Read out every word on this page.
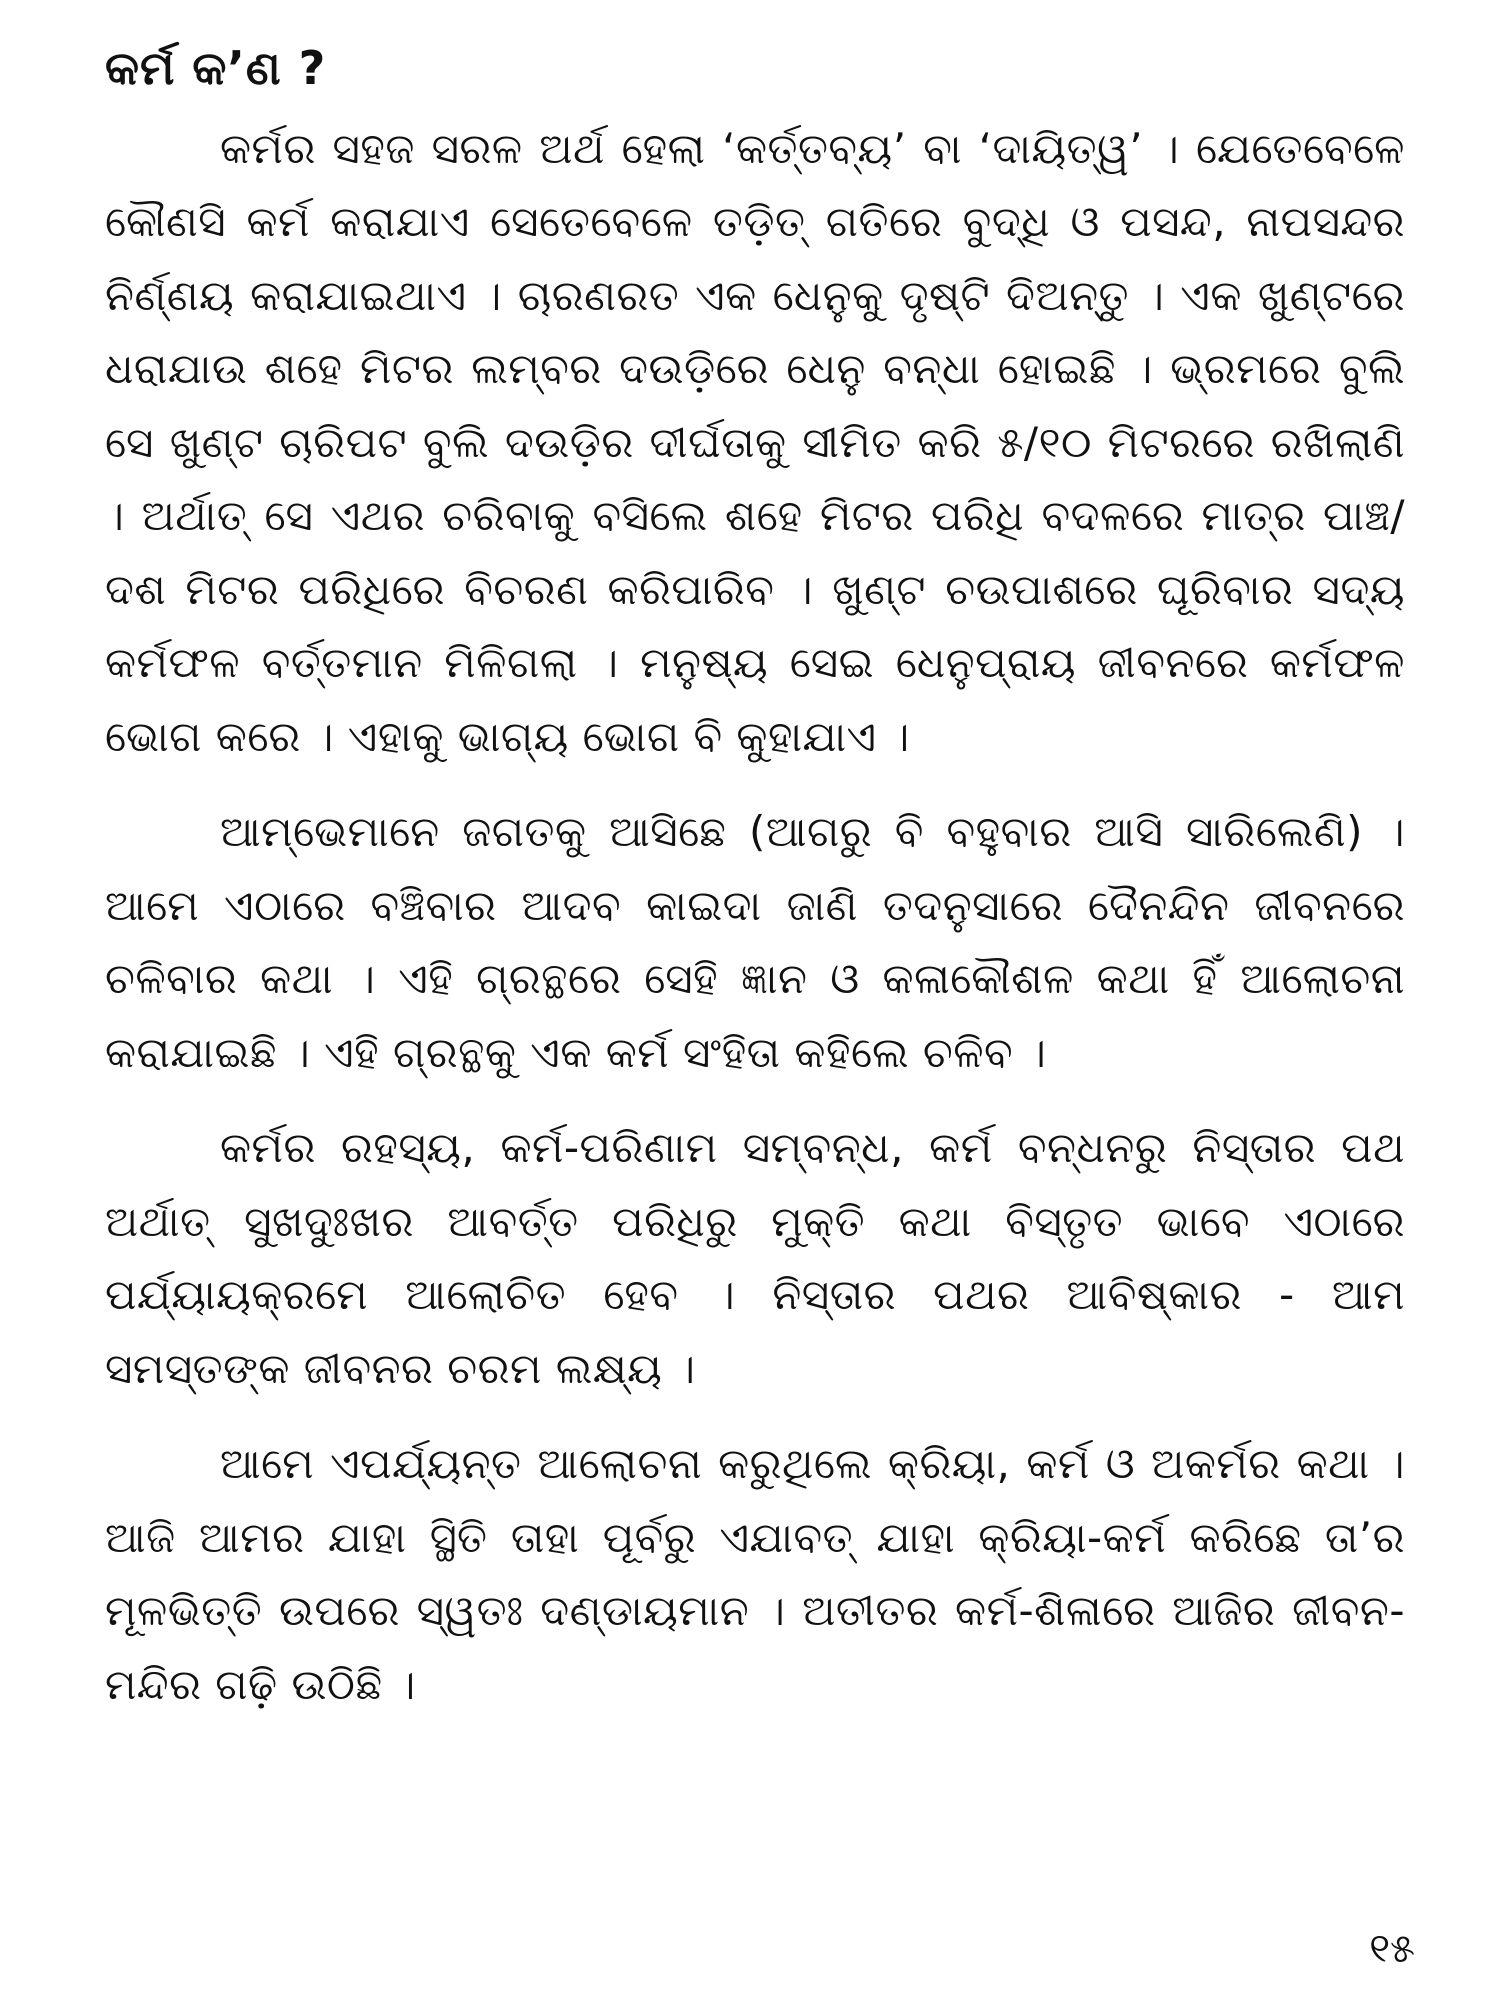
କର୍ମ କ’ଣ ?

କର୍ମର ସହଜ ସରଳ ଅର୍ଥ ହେଲା ‘କର୍ତ୍ତବ୍ୟ’ ବା ‘ଦାୟିତ୍ୱ’ । ଯେତେବେଳେ କୌଣସି କର୍ମ କରାଯାଏ ସେତେବେଳେ ତଡ଼ିତ୍ ଗତିରେ ବୁଦ୍ଧି ଓ ପସନ୍ଦ, ନାପସନ୍ଦର ନିର୍ଣ୍ଣୟ କରାଯାଇଥାଏ । ଚାରଣରତ ଏକ ଧେନୁକୁ ଦୃଷ୍ଟି ଦିଅନ୍ତୁ । ଏକ ଖୁଣ୍ଟରେ ଧରାଯାଉ ଶହେ ମିଟର ଲମ୍ବର ଦଉଡ଼ିରେ ଧେନୁ ବନ୍ଧା ହୋଇଛି । ଭ୍ରମରେ ବୁଲି ସେ ଖୁଣ୍ଟ ଚାରିପଟ ବୁଲି ଦଉଡ଼ିର ଦୀର୍ଘତାକୁ ସୀମିତ କରି ୫/୧୦ ମିଟରରେ ରଖିଲାଣି । ଅର୍ଥାତ୍ ସେ ଏଥର ଚରିବାକୁ ବସିଲେ ଶହେ ମିଟର ପରିଧି ବଦଳରେ ମାତ୍ର ପାଞ୍ଚ/ଦଶ ମିଟର ପରିଧିରେ ବିଚରଣ କରିପାରିବ । ଖୁଣ୍ଟ ଚଉପାଶରେ ଘୂରିବାର ସଦ୍ୟ କର୍ମଫଳ ବର୍ତ୍ତମାନ ମିଳିଗଲା । ମନୁଷ୍ୟ ସେଇ ଧେନୁପ୍ରାୟ ଜୀବନରେ କର୍ମଫଳ ଭୋଗ କରେ । ଏହାକୁ ଭାଗ୍ୟ ଭୋଗ ବି କୁହାଯାଏ ।

ଆମ୍ଭେମାନେ ଜଗତକୁ ଆସିଛେ (ଆଗରୁ ବି ବହୁବାର ଆସି ସାରିଲେଣି) । ଆମେ ଏଠାରେ ବଞ୍ଚିବାର ଆଦବ କାଇଦା ଜାଣି ତଦନୁସାରେ ଦୈନନ୍ଦିନ ଜୀବନରେ ଚଳିବାର କଥା । ଏହି ଗ୍ରନ୍ଥରେ ସେହି ଜ୍ଞାନ ଓ କଳାକୌଶଳ କଥା ହିଁ ଆଲୋଚନା କରାଯାଇଛି । ଏହି ଗ୍ରନ୍ଥକୁ ଏକ କର୍ମ ସଂହିତା କହିଲେ ଚଳିବ ।

କର୍ମର ରହସ୍ୟ, କର୍ମ-ପରିଣାମ ସମ୍ବନ୍ଧ, କର୍ମ ବନ୍ଧନରୁ ନିସ୍ତାର ପଥ ଅର୍ଥାତ୍ ସୁଖଦୁଃଖର ଆବର୍ତ୍ତ ପରିଧିରୁ ମୁକ୍ତି କଥା ବିସ୍ତୃତ ଭାବେ ଏଠାରେ ପର୍ଯ୍ୟାୟକ୍ରମେ ଆଲୋଚିତ ହେବ । ନିସ୍ତାର ପଥର ଆବିଷ୍କାର - ଆମ ସମସ୍ତଙ୍କ ଜୀବନର ଚରମ ଲକ୍ଷ୍ୟ ।

ଆମେ ଏପର୍ଯ୍ୟନ୍ତ ଆଲୋଚନା କରୁଥିଲେ କ୍ରିୟା, କର୍ମ ଓ ଅକର୍ମର କଥା । ଆଜି ଆମର ଯାହା ସ୍ଥିତି ତାହା ପୂର୍ବରୁ ଏଯାବତ୍ ଯାହା କ୍ରିୟା-କର୍ମ କରିଛେ ତା’ର ମୂଳଭିତ୍ତି ଉପରେ ସ୍ୱତଃ ଦଣ୍ଡାୟମାନ । ଅତୀତର କର୍ମ-ଶିଳାରେ ଆଜିର ଜୀବନ-ମନ୍ଦିର ଗଢ଼ି ଉଠିଛି ।

୧୫
